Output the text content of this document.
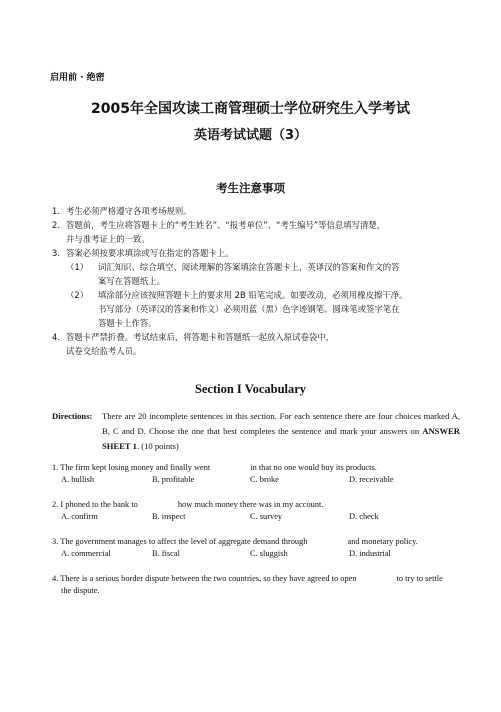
启用前 · 绝密
2005年全国攻读工商管理硕士学位研究生入学考试
英语考试试题（3）
考生注意事项
1. 考生必须严格遵守各项考场规则。
2. 答题前，考生应将答题卡上的“考生姓名”、“报考单位”、“考生编号”等信息填写清楚，
并与准考证上的一致。
3. 答案必须按要求填涂或写在指定的答题卡上。
（1） 词汇知识、综合填空、阅读理解的答案填涂在答题卡上，英译汉的答案和作文的答
案写在答题纸上。
（2） 填涂部分应该按照答题卡上的要求用 2B 铅笔完成。如要改动，必须用橡皮擦干净。
书写部分（英译汉的答案和作文）必须用蓝（黑）色字迹钢笔、圆珠笔或签字笔在
答题卡上作答。
4. 答题卡严禁折叠。考试结束后，将答题卡和答题纸一起放入原试卷袋中，
试卷交给监考人员。
Section I Vocabulary
Directions:	There are 20 incomplete sentences in this section. For each sentence there are four choices marked A, B, C and D. Choose the one that best completes the sentence and mark your answers on ANSWER SHEET 1. (10 points)
1. The firm kept losing money and finally went	in that no one would buy its products.
A. bullish	B. profitable	C. broke	D. receivable
2. I phoned to the bank to	how much money there was in my account.
A. confirm	B. inspect	C. survey	D. check
3. The government manages to affect the level of aggregate demand through	and monetary policy.
A. commercial	B. fiscal	C. sluggish	D. industrial
4. There is a serious border dispute between the two countries, so they have agreed to open	to try to settle
the dispute.
